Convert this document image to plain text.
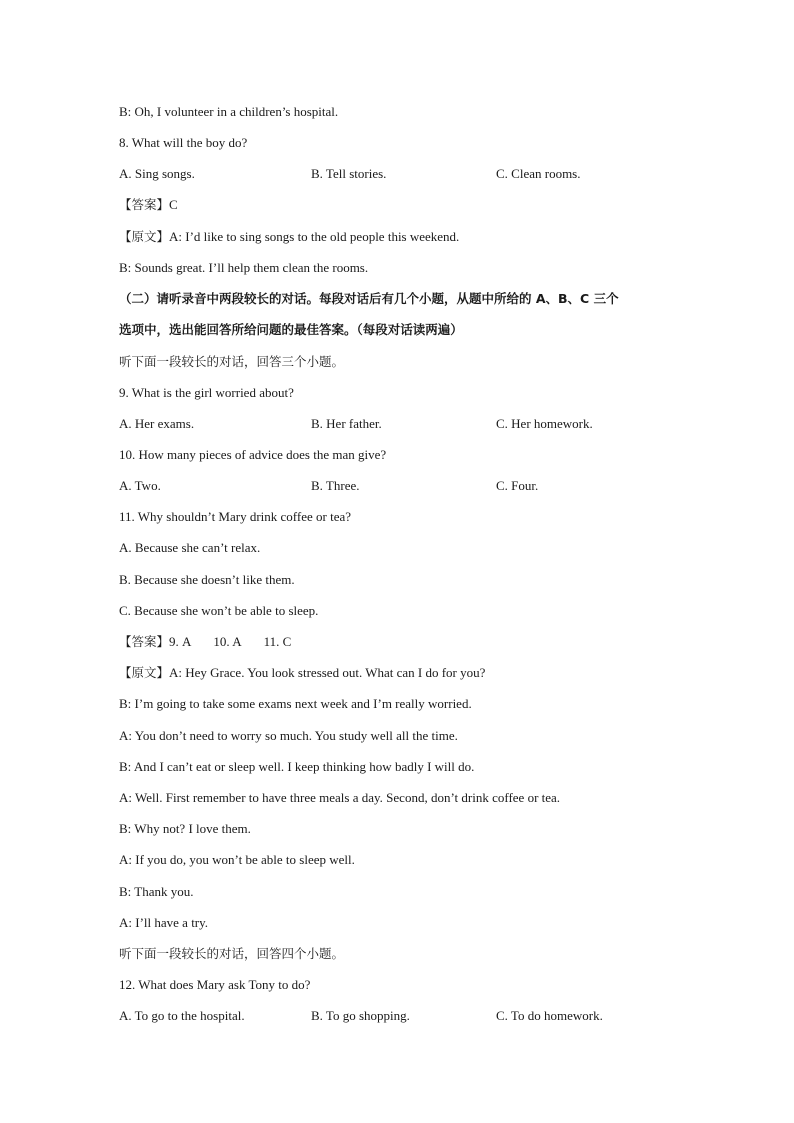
B: Oh, I volunteer in a children’s hospital.
8. What will the boy do?
A. Sing songs.	B. Tell stories.	C. Clean rooms.
【答案】C
【原文】A: I’d like to sing songs to the old people this weekend.
B: Sounds great. I’ll help them clean the rooms.
（二）请听录音中两段较长的对话。每段对话后有几个小题，从题中所给的 A、B、C 三个
选项中，选出能回答所给问题的最佳答案。（每段对话读两遍）
听下面一段较长的对话，回答三个小题。
9. What is the girl worried about?
A. Her exams.	B. Her father.	C. Her homework.
10. How many pieces of advice does the man give?
A. Two.	B. Three.	C. Four.
11. Why shouldn’t Mary drink coffee or tea?
A. Because she can’t relax.
B. Because she doesn’t like them.
C. Because she won’t be able to sleep.
【答案】9. A 10. A 11. C
【原文】A: Hey Grace. You look stressed out. What can I do for you?
B: I’m going to take some exams next week and I’m really worried.
A: You don’t need to worry so much. You study well all the time.
B: And I can’t eat or sleep well. I keep thinking how badly I will do.
A: Well. First remember to have three meals a day. Second, don’t drink coffee or tea.
B: Why not? I love them.
A: If you do, you won’t be able to sleep well.
B: Thank you.
A: I’ll have a try.
听下面一段较长的对话，回答四个小题。
12. What does Mary ask Tony to do?
A. To go to the hospital.	B. To go shopping.	C. To do homework.
